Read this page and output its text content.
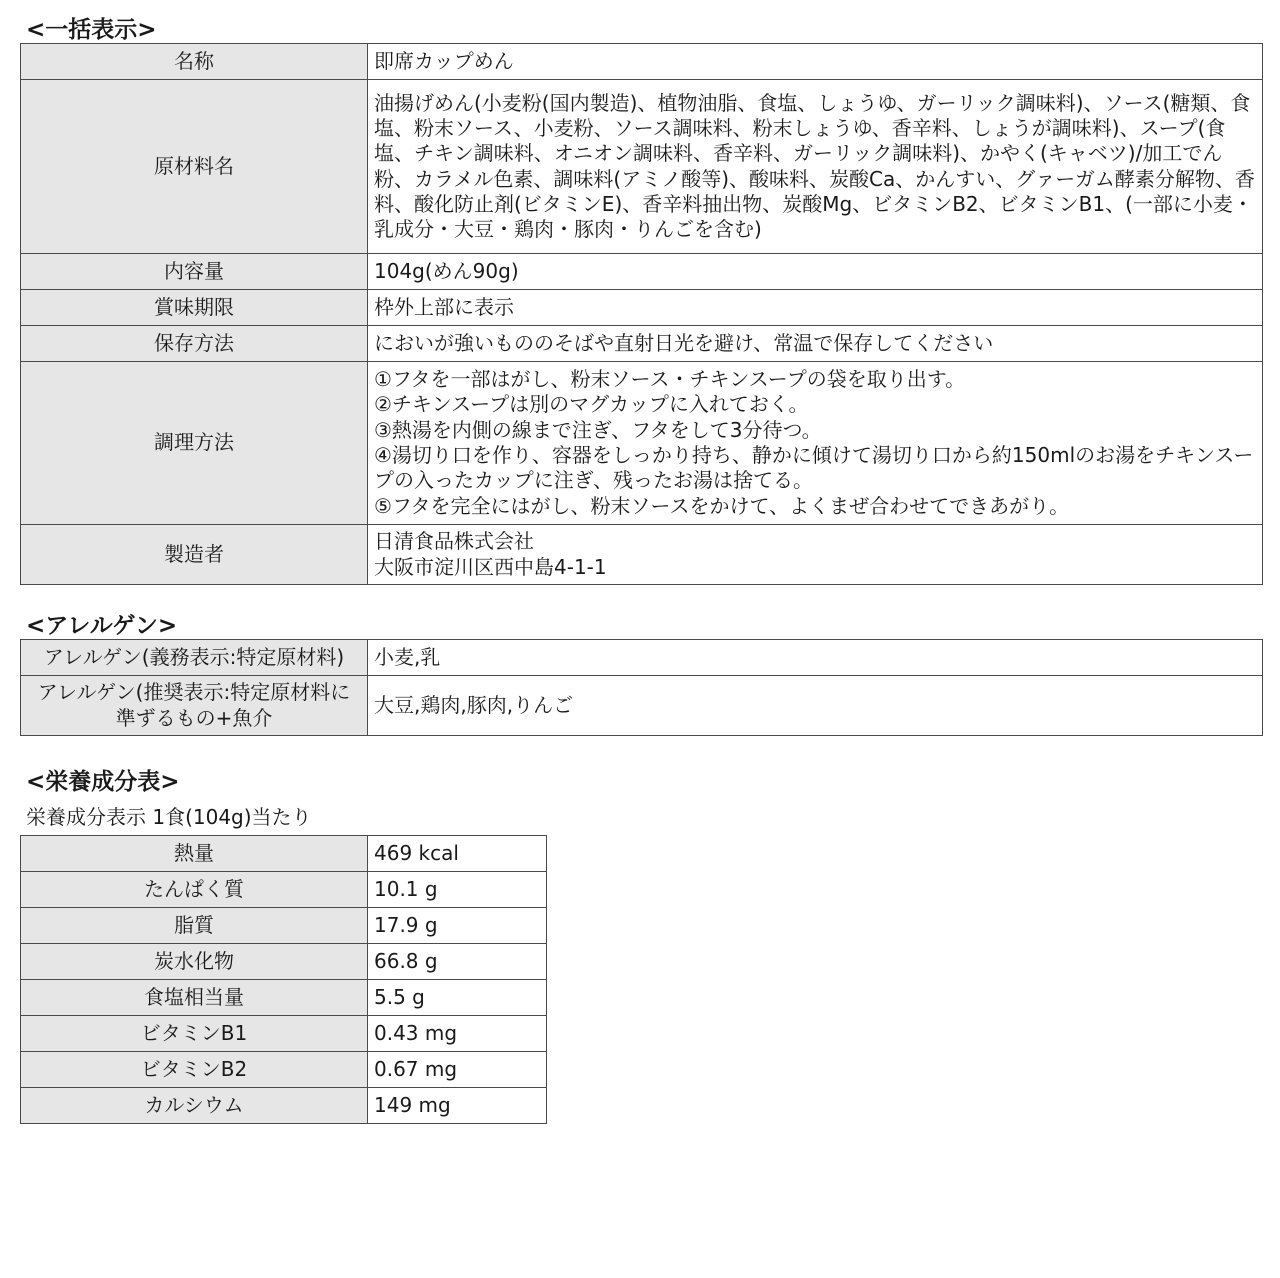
<一括表示>
名称	即席カップめん
原材料名	油揚げめん(小麦粉(国内製造)、植物油脂、食塩、しょうゆ、ガーリック調味料)、ソース(糖類、食塩、粉末ソース、小麦粉、ソース調味料、粉末しょうゆ、香辛料、しょうが調味料)、スープ(食塩、チキン調味料、オニオン調味料、香辛料、ガーリック調味料)、かやく(キャベツ)/加工でん粉、カラメル色素、調味料(アミノ酸等)、酸味料、炭酸Ca、かんすい、グァーガム酵素分解物、香料、酸化防止剤(ビタミンE)、香辛料抽出物、炭酸Mg、ビタミンB2、ビタミンB1、(一部に小麦・乳成分・大豆・鶏肉・豚肉・りんごを含む)
内容量	104g(めん90g)
賞味期限	枠外上部に表示
保存方法	においが強いもののそばや直射日光を避け、常温で保存してください
調理方法	①フタを一部はがし、粉末ソース・チキンスープの袋を取り出す。
②チキンスープは別のマグカップに入れておく。
③熱湯を内側の線まで注ぎ、フタをして3分待つ。
④湯切り口を作り、容器をしっかり持ち、静かに傾けて湯切り口から約150mlのお湯をチキンスープの入ったカップに注ぎ、残ったお湯は捨てる。
⑤フタを完全にはがし、粉末ソースをかけて、よくまぜ合わせてできあがり。
製造者	日清食品株式会社
大阪市淀川区西中島4-1-1
<アレルゲン>
アレルゲン(義務表示:特定原材料)	小麦,乳
アレルゲン(推奨表示:特定原材料に準ずるもの+魚介	大豆,鶏肉,豚肉,りんご
<栄養成分表>
栄養成分表示 1食(104g)当たり
熱量	469 kcal
たんぱく質	10.1 g
脂質	17.9 g
炭水化物	66.8 g
食塩相当量	5.5 g
ビタミンB1	0.43 mg
ビタミンB2	0.67 mg
カルシウム	149 mg
